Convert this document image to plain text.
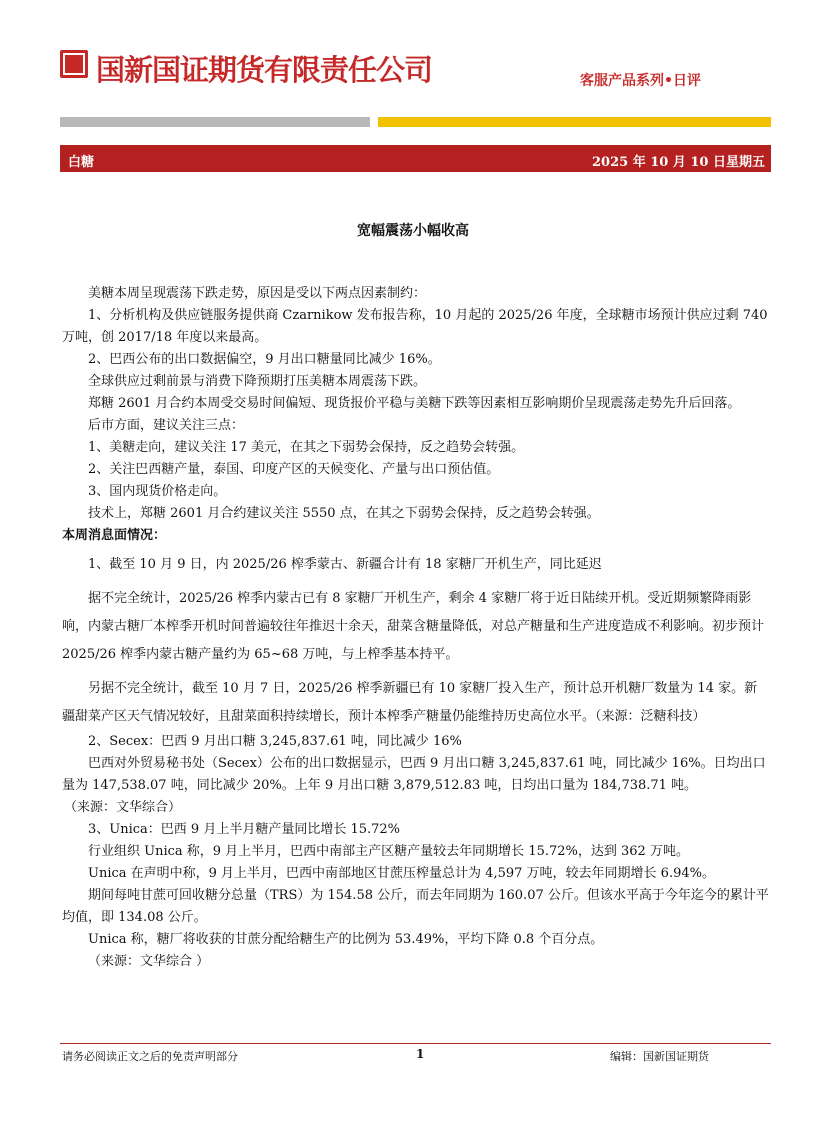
国新国证期货有限责任公司	客服产品系列•日评
白糖	2025 年 10 月 10 日星期五
宽幅震荡小幅收高

美糖本周呈现震荡下跌走势，原因是受以下两点因素制约：

1、分析机构及供应链服务提供商 Czarnikow 发布报告称，10 月起的 2025/26 年度，全球糖市场预计供应过剩 740 万吨，创 2017/18 年度以来最高。

2、巴西公布的出口数据偏空，9 月出口糖量同比减少 16%。

全球供应过剩前景与消费下降预期打压美糖本周震荡下跌。

郑糖 2601 月合约本周受交易时间偏短、现货报价平稳与美糖下跌等因素相互影响期价呈现震荡走势先升后回落。

后市方面，建议关注三点：

1、美糖走向，建议关注 17 美元，在其之下弱势会保持，反之趋势会转强。

2、关注巴西糖产量，泰国、印度产区的天候变化、产量与出口预估值。

3、国内现货价格走向。

技术上，郑糖 2601 月合约建议关注 5550 点，在其之下弱势会保持，反之趋势会转强。

本周消息面情况：

1、截至 10 月 9 日，内 2025/26 榨季蒙古、新疆合计有 18 家糖厂开机生产，同比延迟

据不完全统计，2025/26 榨季内蒙古已有 8 家糖厂开机生产，剩余 4 家糖厂将于近日陆续开机。受近期频繁降雨影响，内蒙古糖厂本榨季开机时间普遍较往年推迟十余天，甜菜含糖量降低，对总产糖量和生产进度造成不利影响。初步预计 2025/26 榨季内蒙古糖产量约为 65~68 万吨，与上榨季基本持平。

另据不完全统计，截至 10 月 7 日，2025/26 榨季新疆已有 10 家糖厂投入生产，预计总开机糖厂数量为 14 家。新疆甜菜产区天气情况较好，且甜菜面积持续增长，预计本榨季产糖量仍能维持历史高位水平。（来源：泛糖科技）

2、Secex：巴西 9 月出口糖 3,245,837.61 吨，同比减少 16%

巴西对外贸易秘书处（Secex）公布的出口数据显示，巴西 9 月出口糖 3,245,837.61 吨，同比减少 16%。日均出口量为 147,538.07 吨，同比减少 20%。上年 9 月出口糖 3,879,512.83 吨，日均出口量为 184,738.71 吨。

（来源：文华综合）

3、Unica：巴西 9 月上半月糖产量同比增长 15.72%

行业组织 Unica 称，9 月上半月，巴西中南部主产区糖产量较去年同期增长 15.72%，达到 362 万吨。

Unica 在声明中称，9 月上半月，巴西中南部地区甘蔗压榨量总计为 4,597 万吨，较去年同期增长 6.94%。

期间每吨甘蔗可回收糖分总量（TRS）为 154.58 公斤，而去年同期为 160.07 公斤。但该水平高于今年迄今的累计平均值，即 134.08 公斤。

Unica 称，糖厂将收获的甘蔗分配给糖生产的比例为 53.49%，平均下降 0.8 个百分点。

（来源：文华综合 ）

请务必阅读正文之后的免责声明部分	1	编辑：国新国证期货
